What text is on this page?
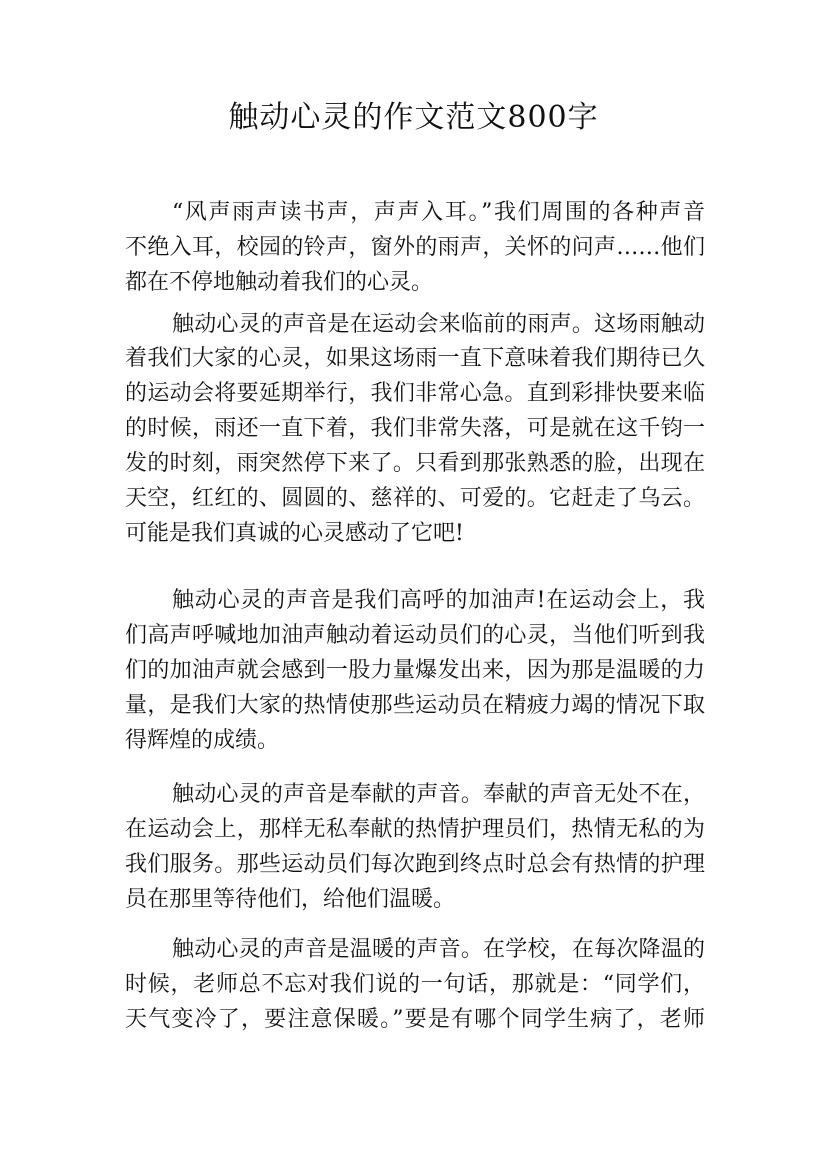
触动心灵的作文范文800字
“风声雨声读书声，声声入耳。”我们周围的各种声音
不绝入耳，校园的铃声，窗外的雨声，关怀的问声……他们
都在不停地触动着我们的心灵。
触动心灵的声音是在运动会来临前的雨声。这场雨触动
着我们大家的心灵，如果这场雨一直下意味着我们期待已久
的运动会将要延期举行，我们非常心急。直到彩排快要来临
的时候，雨还一直下着，我们非常失落，可是就在这千钧一
发的时刻，雨突然停下来了。只看到那张熟悉的脸，出现在
天空，红红的、圆圆的、慈祥的、可爱的。它赶走了乌云。
可能是我们真诚的心灵感动了它吧!
触动心灵的声音是我们高呼的加油声!在运动会上，我
们高声呼喊地加油声触动着运动员们的心灵，当他们听到我
们的加油声就会感到一股力量爆发出来，因为那是温暖的力
量，是我们大家的热情使那些运动员在精疲力竭的情况下取
得辉煌的成绩。
触动心灵的声音是奉献的声音。奉献的声音无处不在，
在运动会上，那样无私奉献的热情护理员们，热情无私的为
我们服务。那些运动员们每次跑到终点时总会有热情的护理
员在那里等待他们，给他们温暖。
触动心灵的声音是温暖的声音。在学校，在每次降温的
时候，老师总不忘对我们说的一句话，那就是：“同学们，
天气变冷了，要注意保暖。”要是有哪个同学生病了，老师
